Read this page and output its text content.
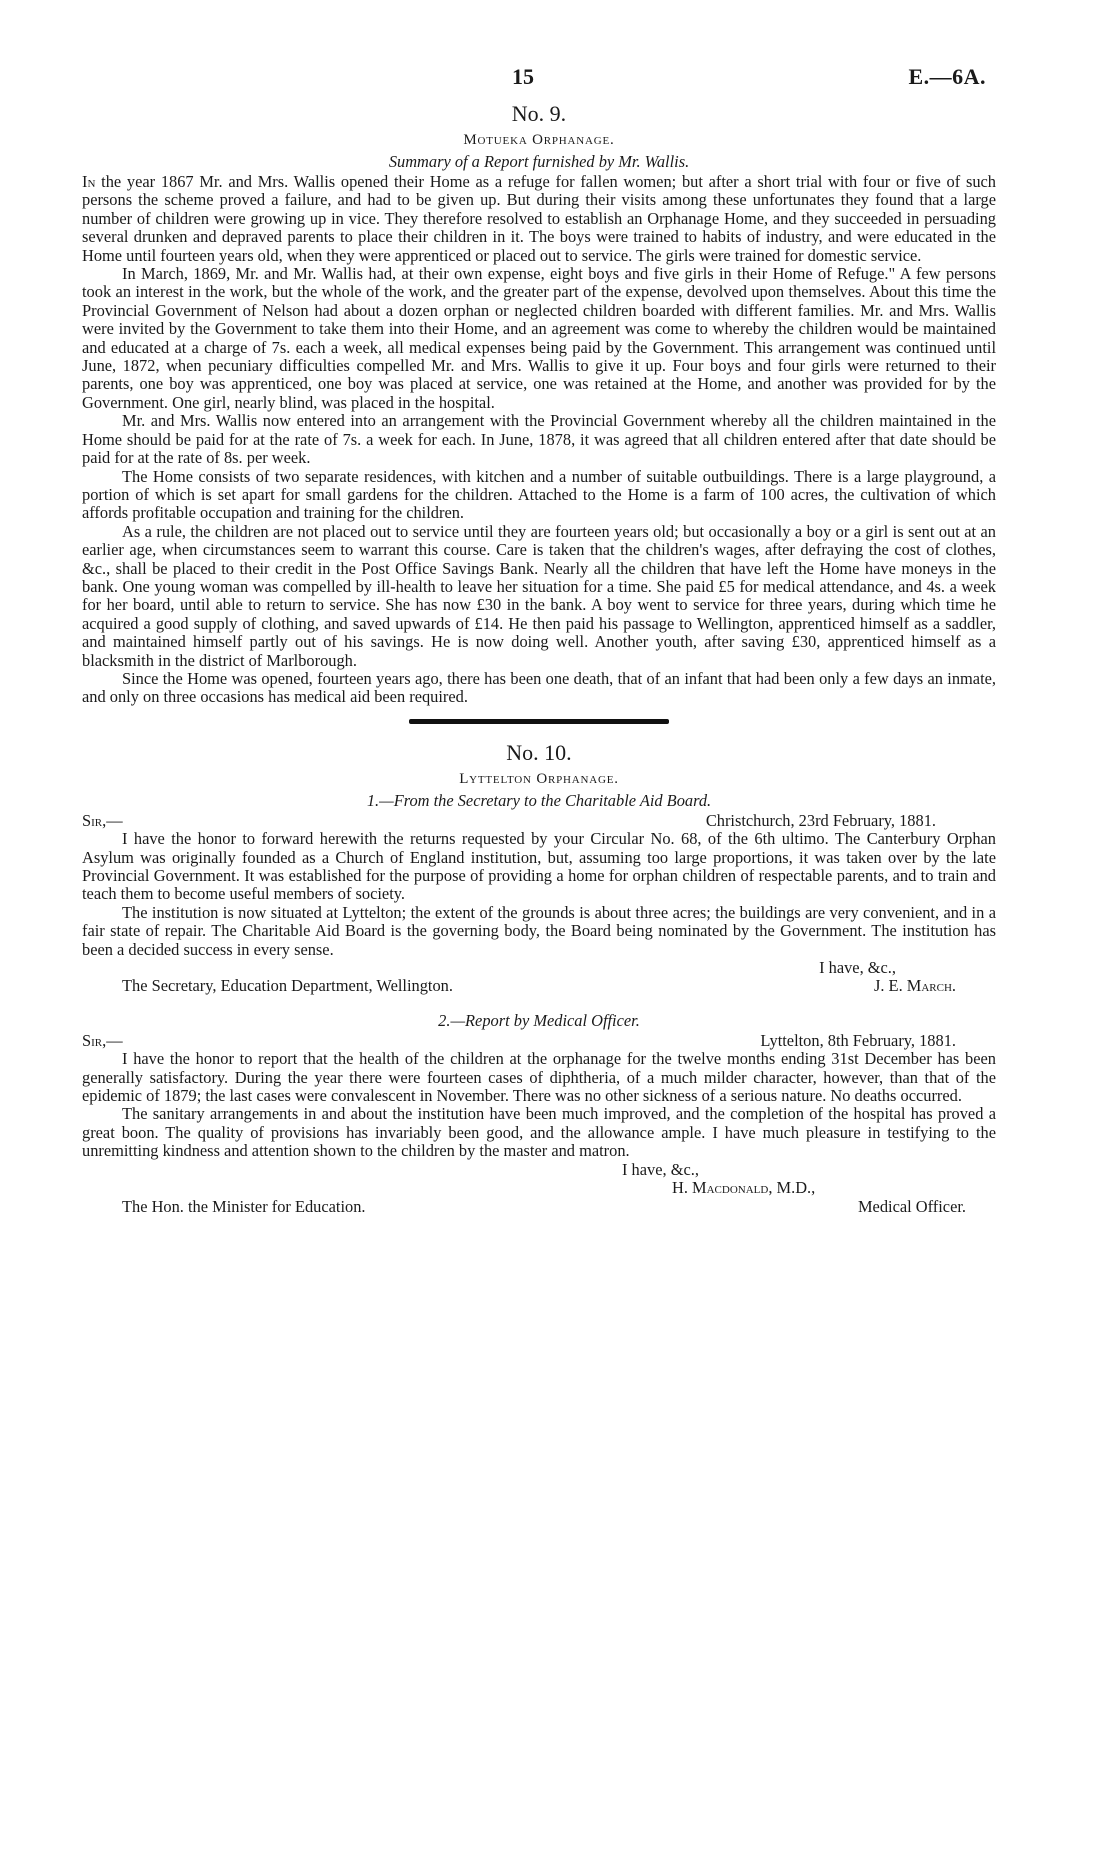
15	E.—6A.
No. 9.
Motueka Orphanage.
Summary of a Report furnished by Mr. Wallis.

In the year 1867 Mr. and Mrs. Wallis opened their Home as a refuge for fallen women; but after a short trial with four or five of such persons the scheme proved a failure, and had to be given up. But during their visits among these unfortunates they found that a large number of children were growing up in vice. They therefore resolved to establish an Orphanage Home, and they succeeded in persuading several drunken and depraved parents to place their children in it. The boys were trained to habits of industry, and were educated in the Home until fourteen years old, when they were apprenticed or placed out to service. The girls were trained for domestic service.

In March, 1869, Mr. and Mr. Wallis had, at their own expense, eight boys and five girls in their Home of Refuge." A few persons took an interest in the work, but the whole of the work, and the greater part of the expense, devolved upon themselves. About this time the Provincial Government of Nelson had about a dozen orphan or neglected children boarded with different families. Mr. and Mrs. Wallis were invited by the Government to take them into their Home, and an agreement was come to whereby the children would be maintained and educated at a charge of 7s. each a week, all medical expenses being paid by the Government. This arrangement was continued until June, 1872, when pecuniary difficulties compelled Mr. and Mrs. Wallis to give it up. Four boys and four girls were returned to their parents, one boy was apprenticed, one boy was placed at service, one was retained at the Home, and another was provided for by the Government. One girl, nearly blind, was placed in the hospital.

Mr. and Mrs. Wallis now entered into an arrangement with the Provincial Government whereby all the children maintained in the Home should be paid for at the rate of 7s. a week for each. In June, 1878, it was agreed that all children entered after that date should be paid for at the rate of 8s. per week.

The Home consists of two separate residences, with kitchen and a number of suitable outbuildings. There is a large playground, a portion of which is set apart for small gardens for the children. Attached to the Home is a farm of 100 acres, the cultivation of which affords profitable occupation and training for the children.

As a rule, the children are not placed out to service until they are fourteen years old; but occasionally a boy or a girl is sent out at an earlier age, when circumstances seem to warrant this course. Care is taken that the children's wages, after defraying the cost of clothes, &c., shall be placed to their credit in the Post Office Savings Bank. Nearly all the children that have left the Home have moneys in the bank. One young woman was compelled by ill-health to leave her situation for a time. She paid £5 for medical attendance, and 4s. a week for her board, until able to return to service. She has now £30 in the bank. A boy went to service for three years, during which time he acquired a good supply of clothing, and saved upwards of £14. He then paid his passage to Wellington, apprenticed himself as a saddler, and maintained himself partly out of his savings. He is now doing well. Another youth, after saving £30, apprenticed himself as a blacksmith in the district of Marlborough.

Since the Home was opened, fourteen years ago, there has been one death, that of an infant that had been only a few days an inmate, and only on three occasions has medical aid been required.

No. 10.
Lyttelton Orphanage.
1.—From the Secretary to the Charitable Aid Board.
Sir,—	Christchurch, 23rd February, 1881.

I have the honor to forward herewith the returns requested by your Circular No. 68, of the 6th ultimo. The Canterbury Orphan Asylum was originally founded as a Church of England institution, but, assuming too large proportions, it was taken over by the late Provincial Government. It was established for the purpose of providing a home for orphan children of respectable parents, and to train and teach them to become useful members of society.

The institution is now situated at Lyttelton; the extent of the grounds is about three acres; the buildings are very convenient, and in a fair state of repair. The Charitable Aid Board is the governing body, the Board being nominated by the Government. The institution has been a decided success in every sense.

I have, &c.,
The Secretary, Education Department, Wellington.	J. E. March.
2.—Report by Medical Officer.
Sir,—	Lyttelton, 8th February, 1881.

I have the honor to report that the health of the children at the orphanage for the twelve months ending 31st December has been generally satisfactory. During the year there were fourteen cases of diphtheria, of a much milder character, however, than that of the epidemic of 1879; the last cases were convalescent in November. There was no other sickness of a serious nature. No deaths occurred.

The sanitary arrangements in and about the institution have been much improved, and the completion of the hospital has proved a great boon. The quality of provisions has invariably been good, and the allowance ample. I have much pleasure in testifying to the unremitting kindness and attention shown to the children by the master and matron.

I have, &c.,
H. Macdonald, M.D.,
The Hon. the Minister for Education.	Medical Officer.
